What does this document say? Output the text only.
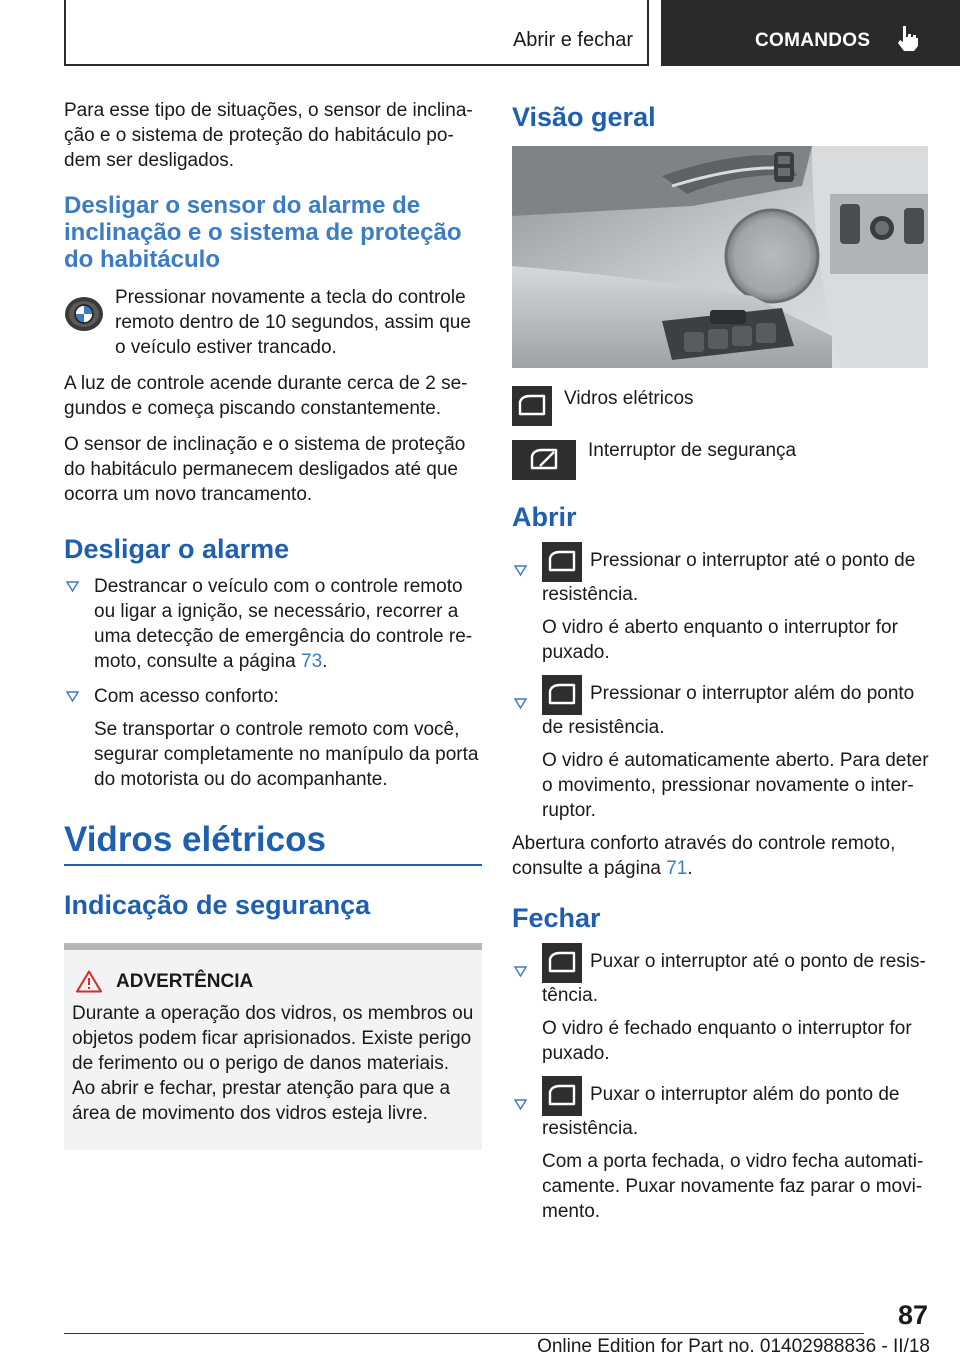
Abrir e fechar	COMANDOS

Para esse tipo de situações, o sensor de inclinação e o sistema de proteção do habitáculo podem ser desligados.

Desligar o sensor do alarme de inclinação e o sistema de proteção do habitáculo
Pressionar novamente a tecla do controle remoto dentro de 10 segundos, assim que o veículo estiver trancado.

A luz de controle acende durante cerca de 2 segundos e começa piscando constantemente.

O sensor de inclinação e o sistema de proteção do habitáculo permanecem desligados até que ocorra um novo trancamento.

Desligar o alarme

Destrancar o veículo com o controle remoto ou ligar a ignição, se necessário, recorrer a uma detecção de emergência do controle remoto, consulte a página 73.

Com acesso conforto:

Se transportar o controle remoto com você, segurar completamente no manípulo da porta do motorista ou do acompanhante.

Vidros elétricos
Indicação de segurança
ADVERTÊNCIA

Durante a operação dos vidros, os membros ou objetos podem ficar aprisionados. Existe perigo de ferimento ou o perigo de danos materiais. Ao abrir e fechar, prestar atenção para que a área de movimento dos vidros esteja livre.

Visão geral
Vidros elétricos
Interruptor de segurança
Abrir

Pressionar o interruptor até o ponto de resistência.

O vidro é aberto enquanto o interruptor for puxado.

Pressionar o interruptor além do ponto de resistência.

O vidro é automaticamente aberto. Para deter o movimento, pressionar novamente o interruptor.

Abertura conforto através do controle remoto, consulte a página 71.

Fechar

Puxar o interruptor até o ponto de resistência.

O vidro é fechado enquanto o interruptor for puxado.

Puxar o interruptor além do ponto de resistência.

Com a porta fechada, o vidro fecha automaticamente. Puxar novamente faz parar o movimento.

87
Online Edition for Part no. 01402988836 - II/18
